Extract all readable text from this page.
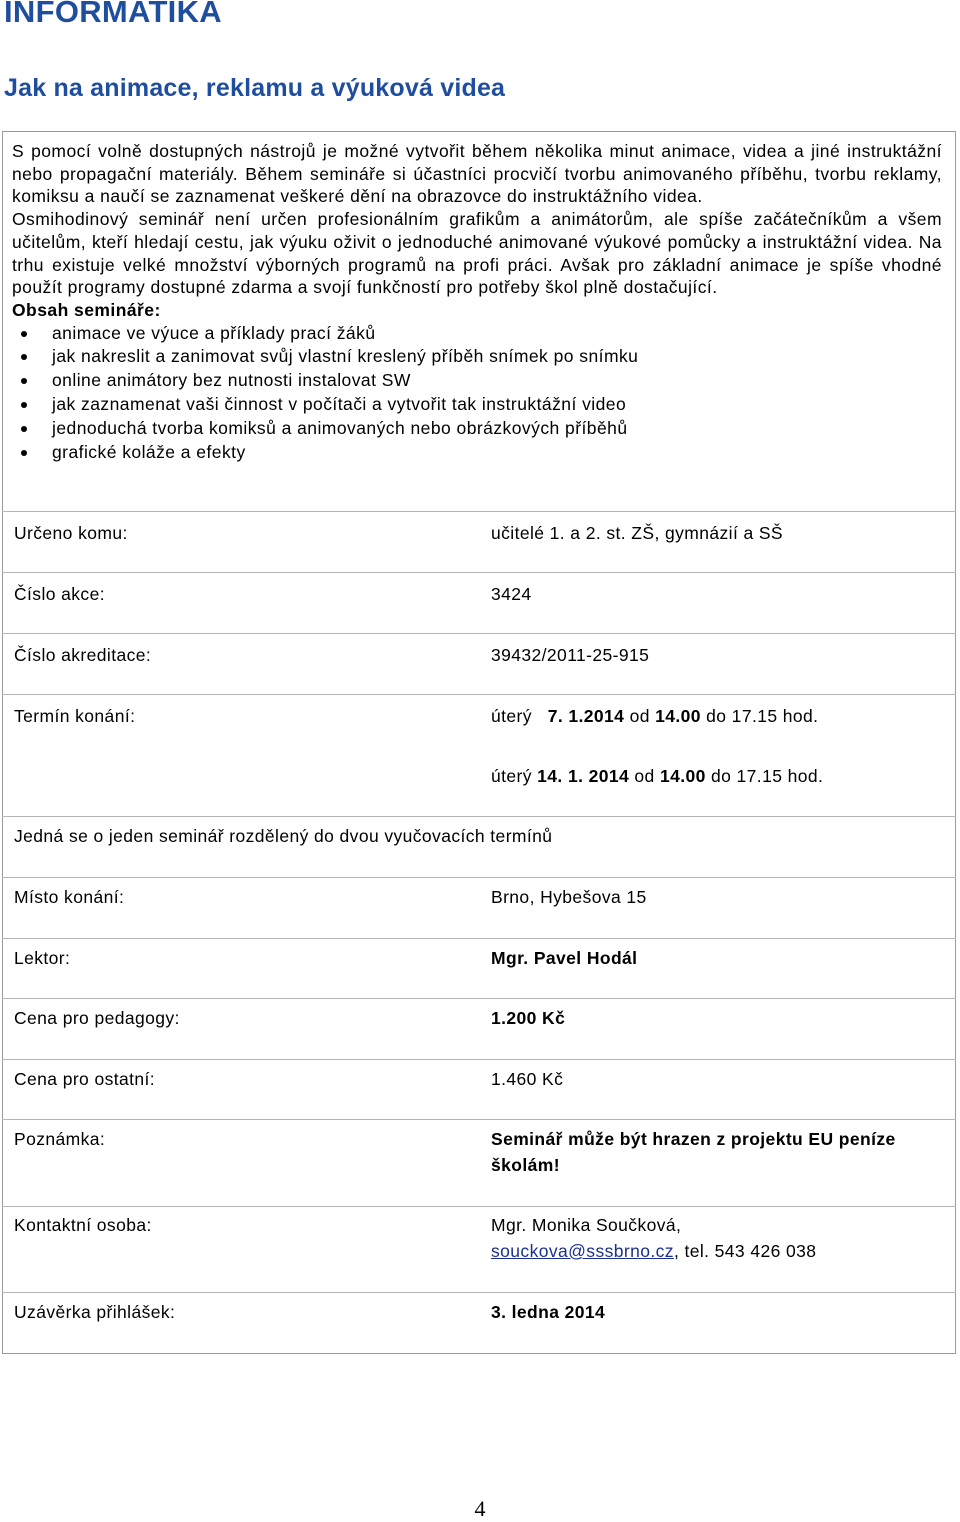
INFORMATIKA
Jak na animace, reklamu a výuková videa

S pomocí volně dostupných nástrojů je možné vytvořit během několika minut animace, videa a jiné instruktážní nebo propagační materiály. Během semináře si účastníci procvičí tvorbu animovaného příběhu, tvorbu reklamy, komiksu a naučí se zaznamenat veškeré dění na obrazovce do instruktážního videa.

Osmihodinový seminář není určen profesionálním grafikům a animátorům, ale spíše začátečníkům a všem učitelům, kteří hledají cestu, jak výuku oživit o jednoduché animované výukové pomůcky a instruktážní videa. Na trhu existuje velké množství výborných programů na profi práci. Avšak pro základní animace je spíše vhodné použít programy dostupné zdarma a svojí funkčností pro potřeby škol plně dostačující.

Obsah semináře:
animace ve výuce a příklady prací žáků
jak nakreslit a zanimovat svůj vlastní kreslený příběh snímek po snímku
online animátory bez nutnosti instalovat SW
jak zaznamenat vaši činnost v počítači a vytvořit tak instruktážní video
jednoduchá tvorba komiksů a animovaných nebo obrázkových příběhů
grafické koláže a efekty
Určeno komu:	učitelé 1. a 2. st. ZŠ, gymnázií a SŠ
Číslo akce:	3424
Číslo akreditace:	39432/2011-25-915
Termín konání:	úterý 7. 1.2014 od 14.00 do 17.15 hod.
úterý 14. 1. 2014 od 14.00 do 17.15 hod.
Jedná se o jeden seminář rozdělený do dvou vyučovacích termínů
Místo konání:	Brno, Hybešova 15
Lektor:	Mgr. Pavel Hodál
Cena pro pedagogy:	1.200 Kč
Cena pro ostatní:	1.460 Kč
Poznámka:	Seminář může být hrazen z projektu EU peníze školám!
Kontaktní osoba:	Mgr. Monika Součková,
souckova@sssbrno.cz, tel. 543 426 038
Uzávěrka přihlášek:	3. ledna 2014
4
